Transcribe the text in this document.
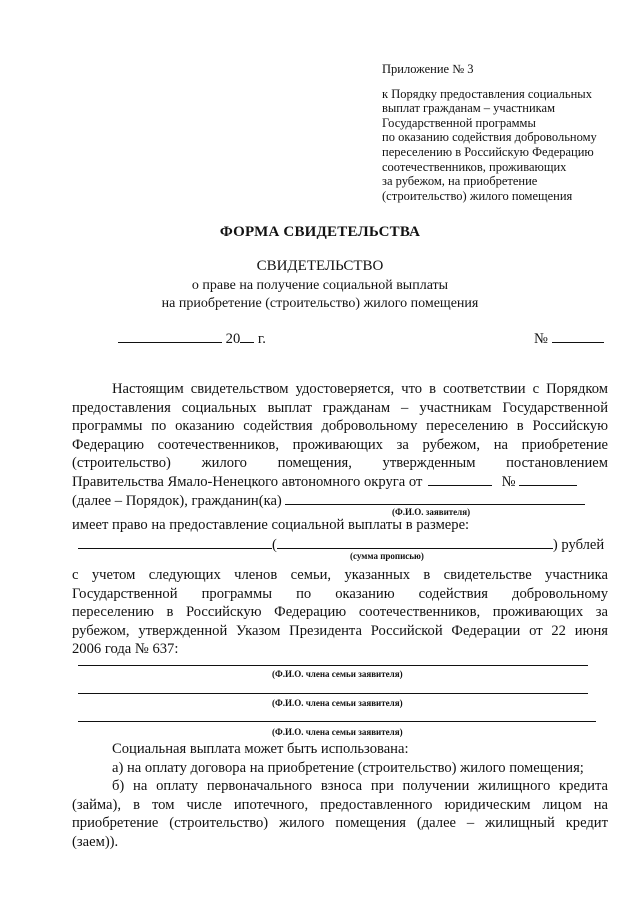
Приложение № 3
к Порядку предоставления социальных
выплат гражданам – участникам
Государственной программы
по оказанию содействия добровольному
переселению в Российскую Федерацию
соотечественников, проживающих
за рубежом, на приобретение
(строительство) жилого помещения
ФОРМА СВИДЕТЕЛЬСТВА
СВИДЕТЕЛЬСТВО
о праве на получение социальной выплаты
на приобретение (строительство) жилого помещения
20 г.	№
Настоящим свидетельством удостоверяется, что в соответствии с Порядком
предоставления социальных выплат гражданам – участникам Государственной
программы по оказанию содействия добровольному переселению в Российскую
Федерацию соотечественников, проживающих за рубежом, на приобретение
(строительство) жилого помещения, утвержденным постановлением
Правительства Ямало-Ненецкого автономного округа от	№
(далее – Порядок), гражданин(ка)
(Ф.И.О. заявителя)
имеет право на предоставление социальной выплаты в размере:
(	) рублей
(сумма прописью)
с учетом следующих членов семьи, указанных в свидетельстве участника
Государственной программы по оказанию содействия добровольному
переселению в Российскую Федерацию соотечественников, проживающих за
рубежом, утвержденной Указом Президента Российской Федерации от 22 июня
2006 года № 637:
(Ф.И.О. члена семьи заявителя)
(Ф.И.О. члена семьи заявителя)
(Ф.И.О. члена семьи заявителя)
Социальная выплата может быть использована:
а) на оплату договора на приобретение (строительство) жилого помещения;
б) на оплату первоначального взноса при получении жилищного кредита
(займа), в том числе ипотечного, предоставленного юридическим лицом на
приобретение (строительство) жилого помещения (далее – жилищный кредит
(заем)).
